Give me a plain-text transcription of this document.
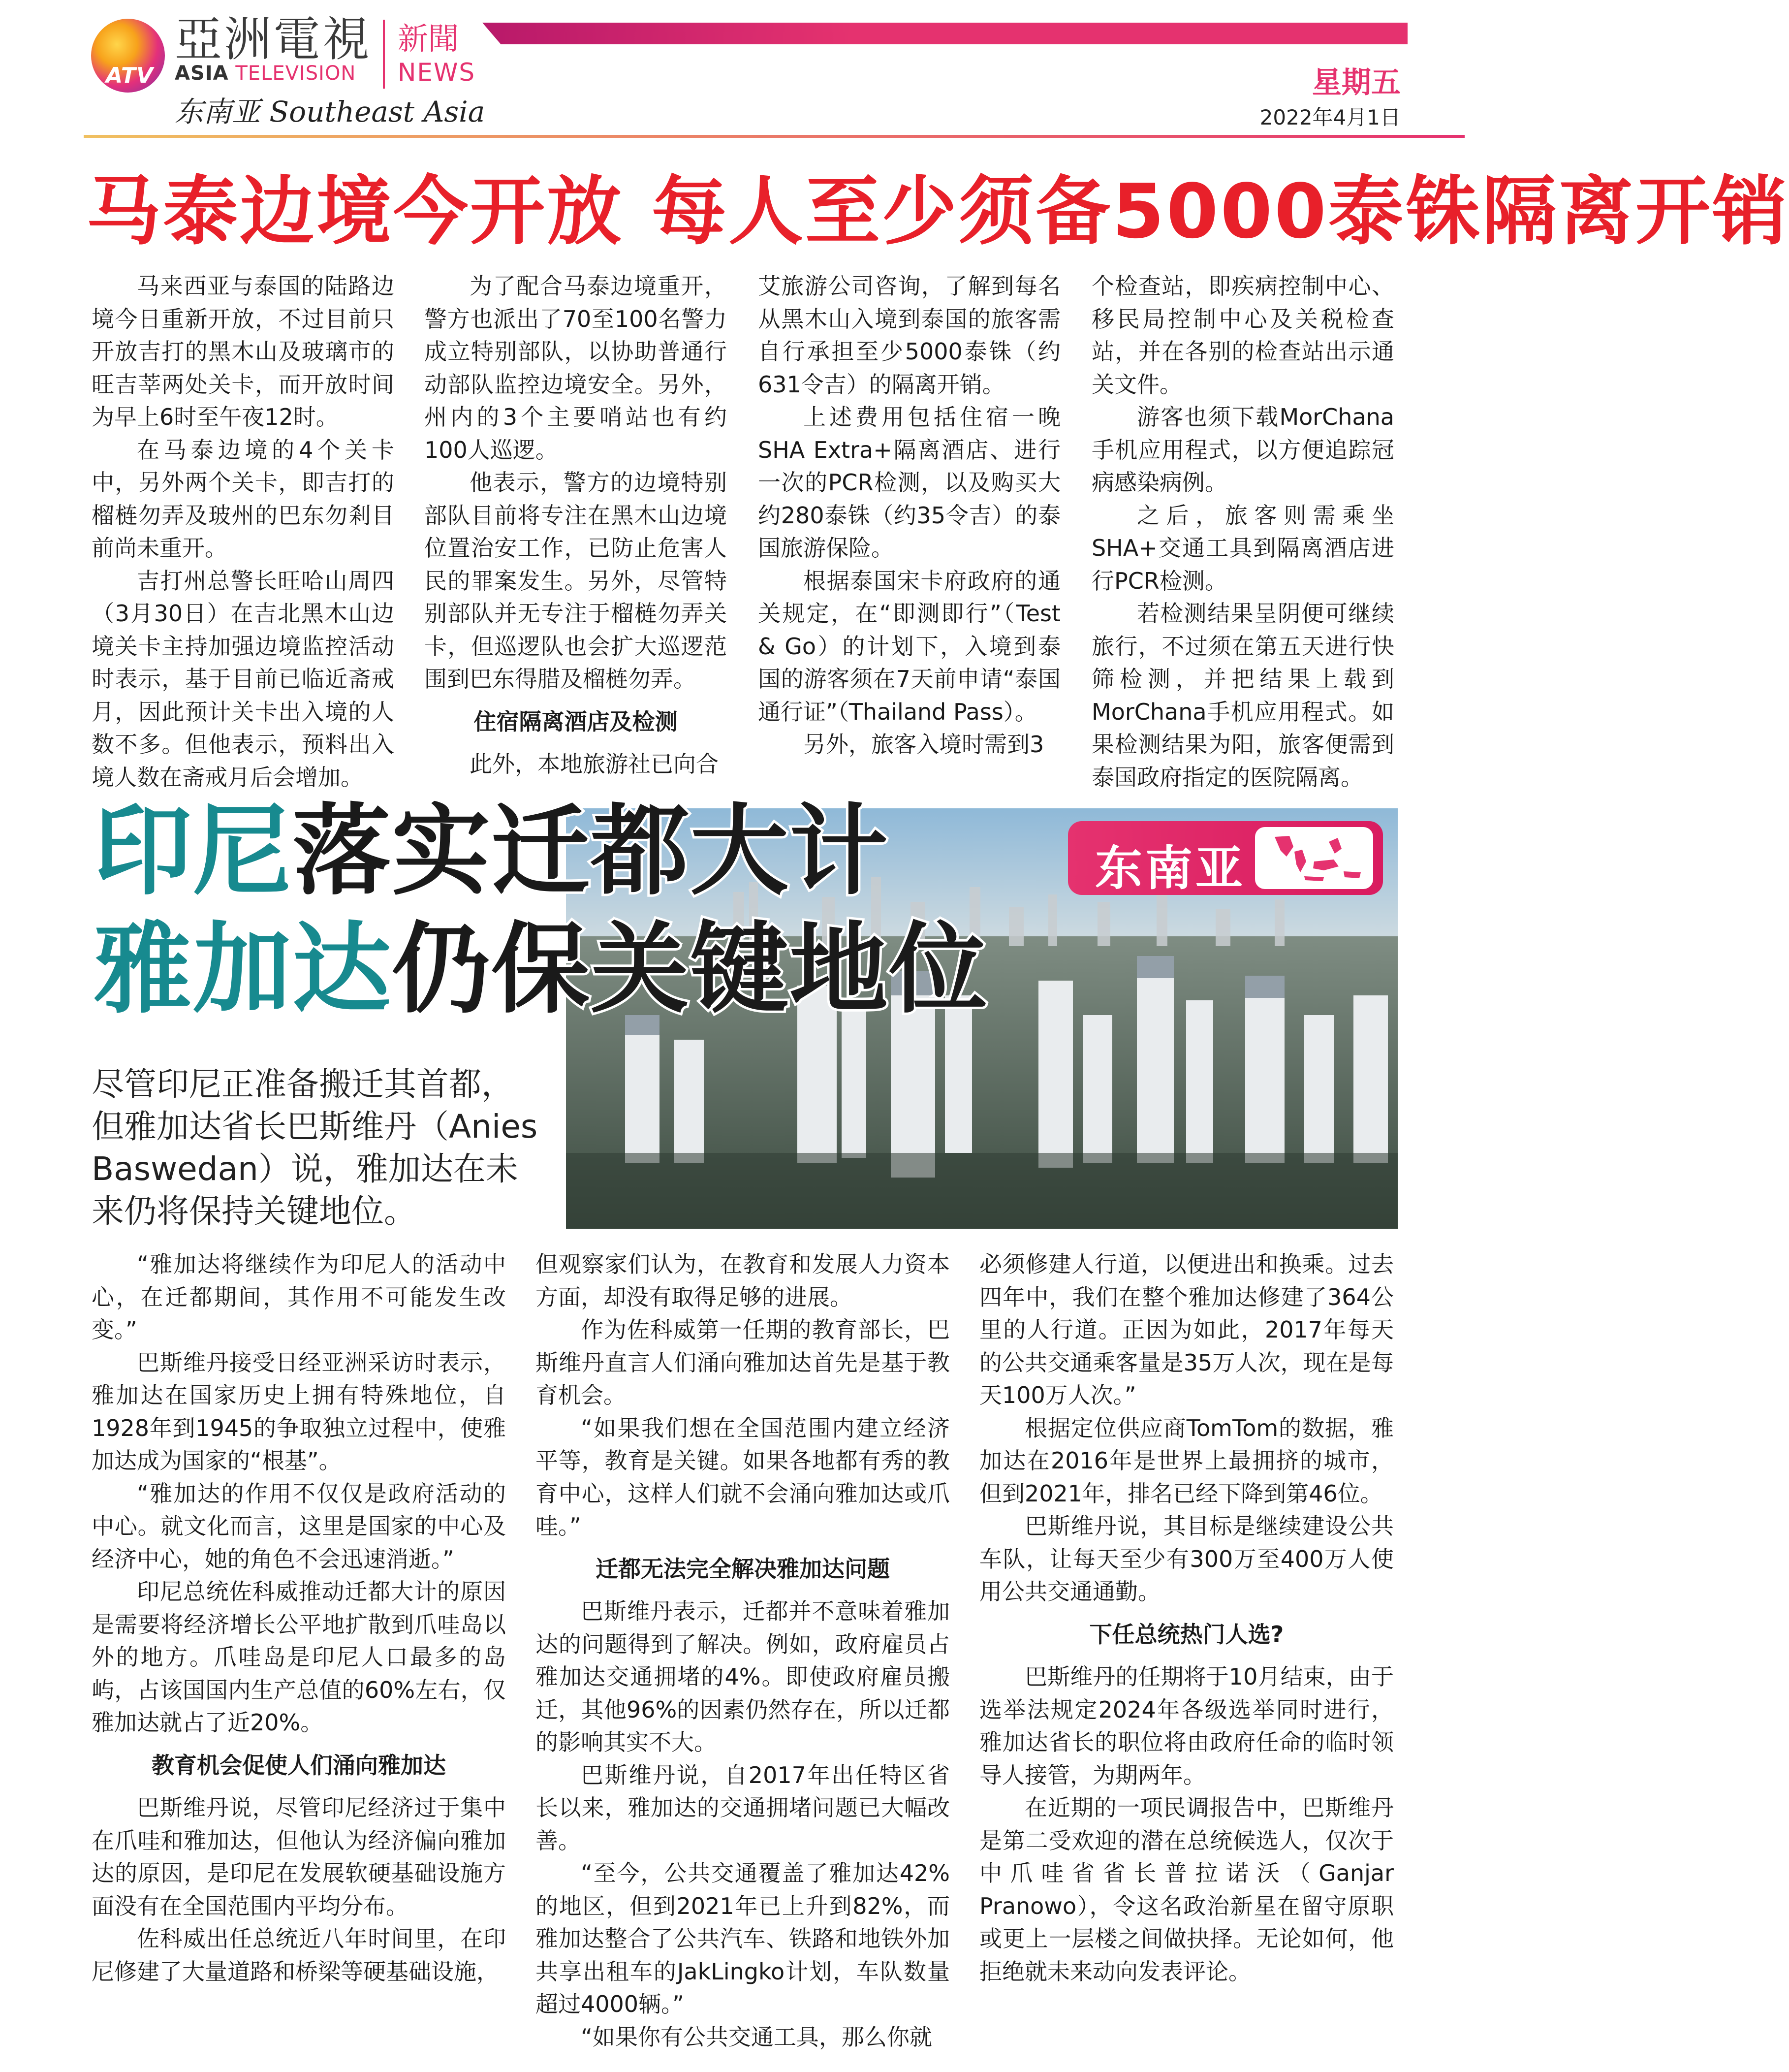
ATV
亞洲電視
ASIA TELEVISION
东南亚 Southeast Asia
新聞
NEWS	星期五
2022年4月1日
马泰边境今开放 每人至少须备5000泰铢隔离开销

马来西亚与泰国的陆路边境今日重新开放，不过目前只开放吉打的黑木山及玻璃市的旺吉莘两处关卡，而开放时间为早上6时至午夜12时。

在马泰边境的4个关卡中，另外两个关卡，即吉打的榴梿勿弄及玻州的巴东勿剎目前尚未重开。

吉打州总警长旺哈山周四（3月30日）在吉北黑木山边境关卡主持加强边境监控活动时表示，基于目前已临近斋戒月，因此预计关卡出入境的人数不多。但他表示，预料出入境人数在斋戒月后会增加。

为了配合马泰边境重开，警方也派出了70至100名警力成立特别部队，以协助普通行动部队监控边境安全。另外，州内的3个主要哨站也有约100人巡逻。

他表示，警方的边境特别部队目前将专注在黑木山边境位置治安工作，已防止危害人民的罪案发生。另外，尽管特别部队并无专注于榴梿勿弄关卡，但巡逻队也会扩大巡逻范围到巴东得腊及榴梿勿弄。

住宿隔离酒店及检测

此外，本地旅游社已向合

艾旅游公司咨询，了解到每名从黑木山入境到泰国的旅客需自行承担至少5000泰铢（约631令吉）的隔离开销。

上述费用包括住宿一晚SHA Extra+隔离酒店、进行一次的PCR检测，以及购买大约280泰铢（约35令吉）的泰国旅游保险。

根据泰国宋卡府政府的通关规定，在“即测即行”（Test & Go）的计划下，入境到泰国的游客须在7天前申请“泰国通行证”（Thailand Pass）。

另外，旅客入境时需到3

个检查站，即疾病控制中心、移民局控制中心及关税检查站，并在各别的检查站出示通关文件。

游客也须下载MorChana手机应用程式，以方便追踪冠病感染病例。

之后，旅客则需乘坐SHA+交通工具到隔离酒店进行PCR检测。

若检测结果呈阴便可继续旅行，不过须在第五天进行快筛检测，并把结果上载到MorChana手机应用程式。如果检测结果为阳，旅客便需到泰国政府指定的医院隔离。

东南亚
印尼落实迁都大计
雅加达仍保关键地位
尽管印尼正准备搬迁其首都，但雅加达省长巴斯维丹（Anies Baswedan）说，雅加达在未来仍将保持关键地位。

“雅加达将继续作为印尼人的活动中心，在迁都期间，其作用不可能发生改变。”

巴斯维丹接受日经亚洲采访时表示，雅加达在国家历史上拥有特殊地位，自1928年到1945的争取独立过程中，使雅加达成为国家的“根基”。

“雅加达的作用不仅仅是政府活动的中心。就文化而言，这里是国家的中心及经济中心，她的角色不会迅速消逝。”

印尼总统佐科威推动迁都大计的原因是需要将经济增长公平地扩散到爪哇岛以外的地方。爪哇岛是印尼人口最多的岛屿，占该国国内生产总值的60%左右，仅雅加达就占了近20%。

教育机会促使人们涌向雅加达

巴斯维丹说，尽管印尼经济过于集中在爪哇和雅加达，但他认为经济偏向雅加达的原因，是印尼在发展软硬基础设施方面没有在全国范围内平均分布。

佐科威出任总统近八年时间里，在印尼修建了大量道路和桥梁等硬基础设施，

但观察家们认为，在教育和发展人力资本方面，却没有取得足够的进展。

作为佐科威第一任期的教育部长，巴斯维丹直言人们涌向雅加达首先是基于教育机会。

“如果我们想在全国范围内建立经济平等，教育是关键。如果各地都有秀的教育中心，这样人们就不会涌向雅加达或爪哇。”

迁都无法完全解决雅加达问题

巴斯维丹表示，迁都并不意味着雅加达的问题得到了解决。例如，政府雇员占雅加达交通拥堵的4%。即使政府雇员搬迁，其他96%的因素仍然存在，所以迁都的影响其实不大。

巴斯维丹说，自2017年出任特区省长以来，雅加达的交通拥堵问题已大幅改善。

“至今，公共交通覆盖了雅加达42%的地区，但到2021年已上升到82%，而雅加达整合了公共汽车、铁路和地铁外加共享出租车的JakLingko计划，车队数量超过4000辆。”

“如果你有公共交通工具，那么你就

必须修建人行道，以便进出和换乘。过去四年中，我们在整个雅加达修建了364公里的人行道。正因为如此，2017年每天的公共交通乘客量是35万人次，现在是每天100万人次。”

根据定位供应商TomTom的数据，雅加达在2016年是世界上最拥挤的城市，但到2021年，排名已经下降到第46位。

巴斯维丹说，其目标是继续建设公共车队，让每天至少有300万至400万人使用公共交通通勤。

下任总统热门人选?

巴斯维丹的任期将于10月结束，由于选举法规定2024年各级选举同时进行，雅加达省长的职位将由政府任命的临时领导人接管，为期两年。

在近期的一项民调报告中，巴斯维丹是第二受欢迎的潜在总统候选人，仅次于中爪哇省省长普拉诺沃（Ganjar Pranowo），令这名政治新星在留守原职或更上一层楼之间做抉择。无论如何，他拒绝就未来动向发表评论。
